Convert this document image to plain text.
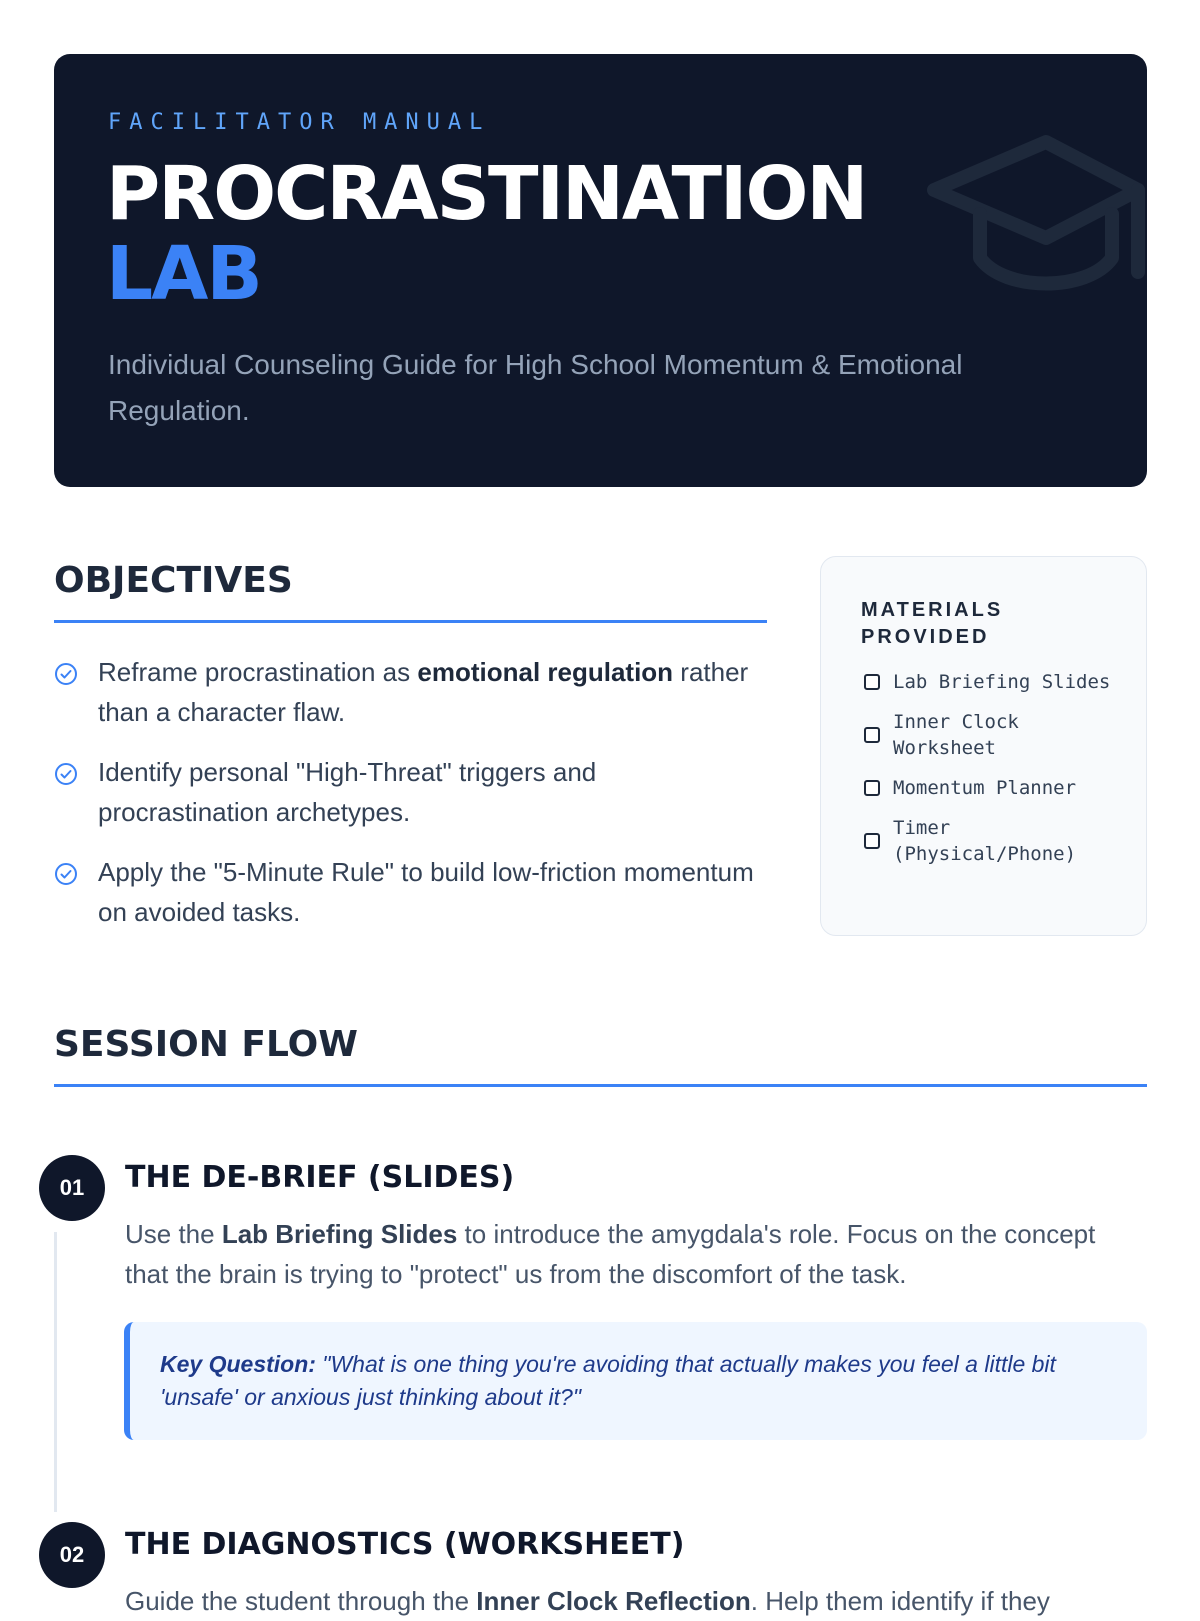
FACILITATOR MANUAL
PROCRASTINATION
LAB
Individual Counseling Guide for High School Momentum & Emotional Regulation.
OBJECTIVES
Reframe procrastination as emotional regulation rather than a character flaw.
Identify personal "High-Threat" triggers and procrastination archetypes.
Apply the "5-Minute Rule" to build low-friction momentum on avoided tasks.
MATERIALS PROVIDED
Lab Briefing Slides
Inner Clock Worksheet
Momentum Planner
Timer (Physical/Phone)
SESSION FLOW
01	THE DE-BRIEF (SLIDES)
Use the Lab Briefing Slides to introduce the amygdala's role. Focus on the concept that the brain is trying to "protect" us from the discomfort of the task.
Key Question: "What is one thing you're avoiding that actually makes you feel a little bit 'unsafe' or anxious just thinking about it?"
02	THE DIAGNOSTICS (WORKSHEET)
Guide the student through the Inner Clock Reflection. Help them identify if they
